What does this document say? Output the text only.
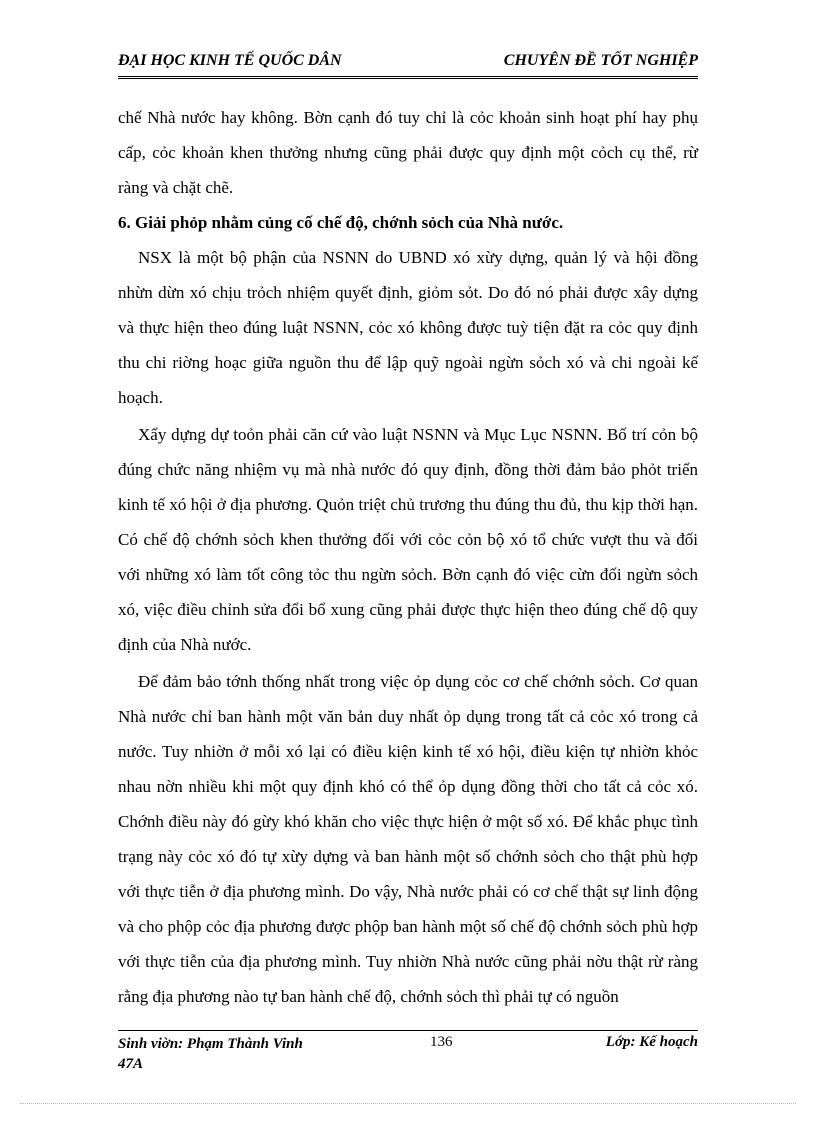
ĐẠI HỌC KINH TẾ QUỐC DÂN	CHUYÊN ĐỀ TỐT NGHIỆP

chế Nhà nước hay không. Bờn cạnh đó tuy chỉ là cỏc khoản sinh hoạt phí hay phụ cấp, cỏc khoản khen thưởng nhưng cũng phải được quy định một cỏch cụ thể, rừ ràng và chặt chẽ.

6. Giải phỏp nhằm củng cố chế độ, chớnh sỏch của Nhà nước.

NSX là một bộ phận của NSNN do UBND xó xừy dựng, quản lý và hội đồng nhừn dừn xó chịu trỏch nhiệm quyết định, giỏm sỏt. Do đó nó phải được xây dựng và thực hiện theo đúng luật NSNN, cỏc xó không được tuỳ tiện đặt ra cỏc quy định thu chi riờng hoạc giữa nguồn thu để lập quỹ ngoài ngừn sỏch xó và chi ngoài kế hoạch.

Xẩy dựng dự toỏn phải căn cứ vào luật NSNN và Mục Lục NSNN. Bố trí cỏn bộ đúng chức năng nhiệm vụ mà nhà nước đó quy định, đồng thời đảm bảo phỏt triển kinh tế xó hội ở địa phương. Quỏn triệt chủ trương thu đúng thu đủ, thu kịp thời hạn. Có chế độ chớnh sỏch khen thưởng đối với cỏc cỏn bộ xó tổ chức vượt thu và đối với những xó làm tốt công tỏc thu ngừn sỏch. Bờn cạnh đó việc cừn đối ngừn sỏch xó, việc điều chỉnh sửa đổi bổ xung cũng phải được thực hiện theo đúng chế dộ quy định của Nhà nước.

Để đảm bảo tớnh thống nhất trong việc ỏp dụng cỏc cơ chế chớnh sỏch. Cơ quan Nhà nước chỉ ban hành một văn bản duy nhất ỏp dụng trong tất cả cỏc xó trong cả nước. Tuy nhiờn ở mỗi xó lại có điều kiện kinh tế xó hội, điều kiện tự nhiờn khỏc nhau nờn nhiều khi một quy định khó có thể ỏp dụng đồng thời cho tất cả cỏc xó. Chớnh điều này đó gừy khó khăn cho việc thực hiện ở một số xó. Để khắc phục tình trạng này cỏc xó đó tự xừy dựng và ban hành một số chớnh sỏch cho thật phù hợp với thực tiễn ở địa phương mình. Do vậy, Nhà nước phải có cơ chế thật sự linh động và cho phộp cỏc địa phương được phộp ban hành một số chế độ chớnh sỏch phù hợp với thực tiễn của địa phương mình. Tuy nhiờn Nhà nước cũng phải nờu thật rừ ràng rằng địa phương nào tự ban hành chế độ, chớnh sỏch thì phải tự có nguồn

Sinh viờn: Phạm Thành Vinh
47A
136	Lớp: Kế hoạch
